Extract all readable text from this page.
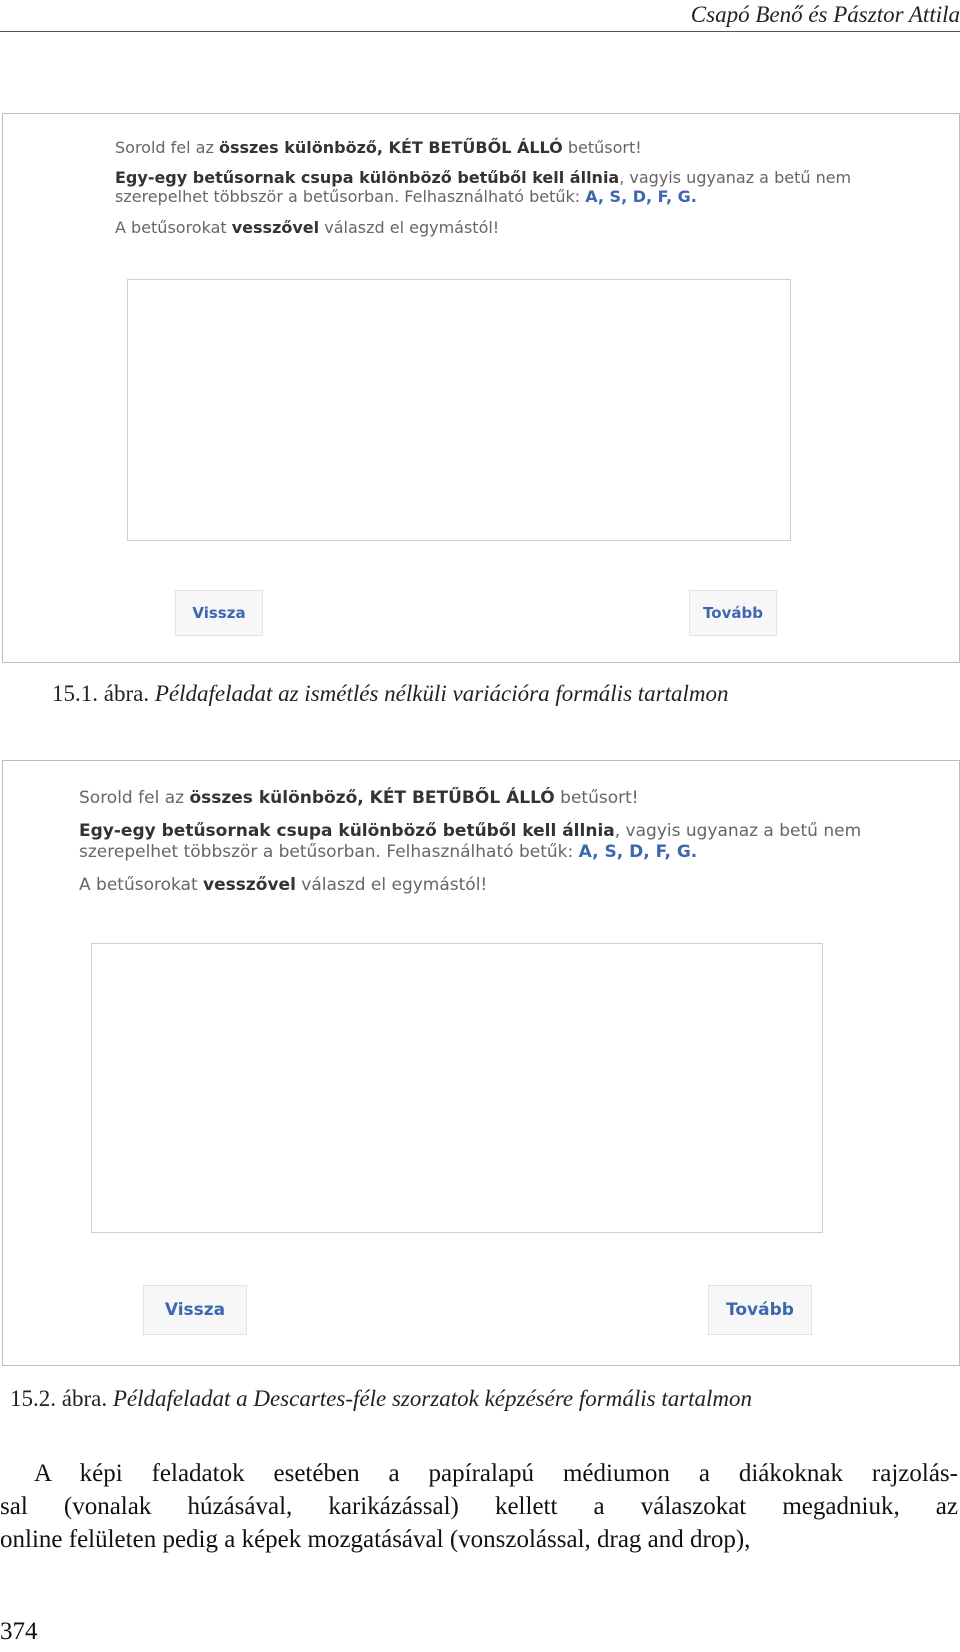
Csapó Benő és Pásztor Attila

Sorold fel az összes különböző, KÉT BETŰBŐL ÁLLÓ betűsort!

Egy-egy betűsornak csupa különböző betűből kell állnia, vagyis ugyanaz a betű nem

szerepelhet többször a betűsorban. Felhasználható betűk: A, S, D, F, G.

A betűsorokat vesszővel válaszd el egymástól!

Vissza	Tovább
15.1. ábra. Példafeladat az ismétlés nélküli variációra formális tartalmon

Sorold fel az összes különböző, KÉT BETŰBŐL ÁLLÓ betűsort!

Egy-egy betűsornak csupa különböző betűből kell állnia, vagyis ugyanaz a betű nem

szerepelhet többször a betűsorban. Felhasználható betűk: A, S, D, F, G.

A betűsorokat vesszővel válaszd el egymástól!

Vissza	Tovább
15.2. ábra. Példafeladat a Descartes-féle szorzatok képzésére formális tartalmon
A képi feladatok esetében a papíralapú médiumon a diákoknak rajzolás-
sal (vonalak húzásával, karikázással) kellett a válaszokat megadniuk, az
online felületen pedig a képek mozgatásával (vonszolással, drag and drop),
374
